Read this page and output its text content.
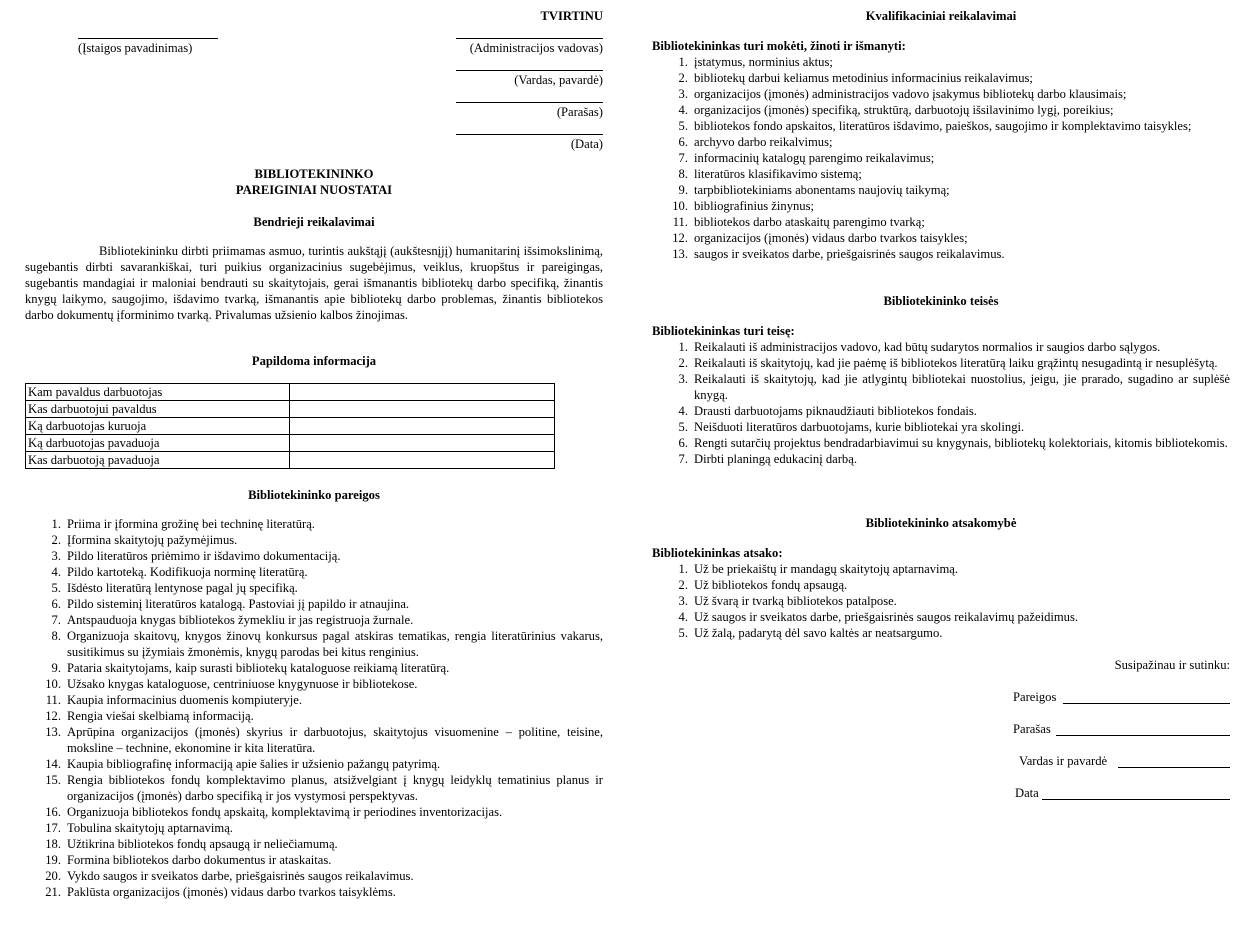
TVIRTINU
(Įstaigos pavadinimas)	(Administracijos vadovas)
(Vardas, pavardė)
(Parašas)
(Data)
BIBLIOTEKININKO
PAREIGINIAI NUOSTATAI
Bendrieji reikalavimai
Bibliotekininku dirbti priimamas asmuo, turintis aukštąjį (aukštesnįjį) humanitarinį išsimokslinimą, sugebantis dirbti savarankiškai, turi puikius organizacinius sugebėjimus, veiklus, kruopštus ir pareigingas, sugebantis mandagiai ir maloniai bendrauti su skaitytojais, gerai išmanantis bibliotekų darbo specifiką, žinantis knygų laikymo, saugojimo, išdavimo tvarką, išmanantis apie bibliotekų darbo problemas, žinantis bibliotekos darbo dokumentų įforminimo tvarką. Privalumas užsienio kalbos žinojimas.
Papildoma informacija
Kam pavaldus darbuotojas	
Kas darbuotojui pavaldus	
Ką darbuotojas kuruoja	
Ką darbuotojas pavaduoja	
Kas darbuotoją pavaduoja	
Bibliotekininko pareigos
1. Priima ir įformina grožinę bei techninę literatūrą.
2. Įformina skaitytojų pažymėjimus.
3. Pildo literatūros priėmimo ir išdavimo dokumentaciją.
4. Pildo kartoteką. Kodifikuoja norminę literatūrą.
5. Išdėsto literatūrą lentynose pagal jų specifiką.
6. Pildo sisteminį literatūros katalogą. Pastoviai jį papildo ir atnaujina.
7. Antspauduoja knygas bibliotekos žymekliu ir jas registruoja žurnale.
8. Organizuoja skaitovų, knygos žinovų konkursus pagal atskiras tematikas, rengia literatūrinius vakarus, susitikimus su įžymiais žmonėmis, knygų parodas bei kitus renginius.
9. Pataria skaitytojams, kaip surasti bibliotekų kataloguose reikiamą literatūrą.
10. Užsako knygas kataloguose, centriniuose knygynuose ir bibliotekose.
11. Kaupia informacinius duomenis kompiuteryje.
12. Rengia viešai skelbiamą informaciją.
13. Aprūpina organizacijos (įmonės) skyrius ir darbuotojus, skaitytojus visuomenine – politine, teisine, moksline – technine, ekonomine ir kita literatūra.
14. Kaupia bibliografinę informaciją apie šalies ir užsienio pažangų patyrimą.
15. Rengia bibliotekos fondų komplektavimo planus, atsižvelgiant į knygų leidyklų tematinius planus ir organizacijos (įmonės) darbo specifiką ir jos vystymosi perspektyvas.
16. Organizuoja bibliotekos fondų apskaitą, komplektavimą ir periodines inventorizacijas.
17. Tobulina skaitytojų aptarnavimą.
18. Užtikrina bibliotekos fondų apsaugą ir neliečiamumą.
19. Formina bibliotekos darbo dokumentus ir ataskaitas.
20. Vykdo saugos ir sveikatos darbe, priešgaisrinės saugos reikalavimus.
21. Paklūsta organizacijos (įmonės) vidaus darbo tvarkos taisyklėms.
Kvalifikaciniai reikalavimai
Bibliotekininkas turi mokėti, žinoti ir išmanyti:
1. įstatymus, norminius aktus;
2. bibliotekų darbui keliamus metodinius informacinius reikalavimus;
3. organizacijos (įmonės) administracijos vadovo įsakymus bibliotekų darbo klausimais;
4. organizacijos (įmonės) specifiką, struktūrą, darbuotojų išsilavinimo lygį, poreikius;
5. bibliotekos fondo apskaitos, literatūros išdavimo, paieškos, saugojimo ir komplektavimo taisykles;
6. archyvo darbo reikalvimus;
7. informacinių katalogų parengimo reikalavimus;
8. literatūros klasifikavimo sistemą;
9. tarpbibliotekiniams abonentams naujovių taikymą;
10. bibliografinius žinynus;
11. bibliotekos darbo ataskaitų parengimo tvarką;
12. organizacijos (įmonės) vidaus darbo tvarkos taisykles;
13. saugos ir sveikatos darbe, priešgaisrinės saugos reikalavimus.
Bibliotekininko teisės
Bibliotekininkas turi teisę:
1. Reikalauti iš administracijos vadovo, kad būtų sudarytos normalios ir saugios darbo sąlygos.
2. Reikalauti iš skaitytojų, kad jie paėmę iš bibliotekos literatūrą laiku grąžintų nesugadintą ir nesuplėšytą.
3. Reikalauti iš skaitytojų, kad jie atlygintų bibliotekai nuostolius, jeigu, jie prarado, sugadino ar suplėšė knygą.
4. Drausti darbuotojams piknaudžiauti bibliotekos fondais.
5. Neišduoti literatūros darbuotojams, kurie bibliotekai yra skolingi.
6. Rengti sutarčių projektus bendradarbiavimui su knygynais, bibliotekų kolektoriais, kitomis bibliotekomis.
7. Dirbti planingą edukacinį darbą.
Bibliotekininko atsakomybė
Bibliotekininkas atsako:
1. Už be priekaištų ir mandagų skaitytojų aptarnavimą.
2. Už bibliotekos fondų apsaugą.
3. Už švarą ir tvarką bibliotekos patalpose.
4. Už saugos ir sveikatos darbe, priešgaisrinės saugos reikalavimų pažeidimus.
5. Už žalą, padarytą dėl savo kaltės ar neatsargumo.
Susipažinau ir sutinku:
Pareigos
Parašas
Vardas ir pavardė
Data
